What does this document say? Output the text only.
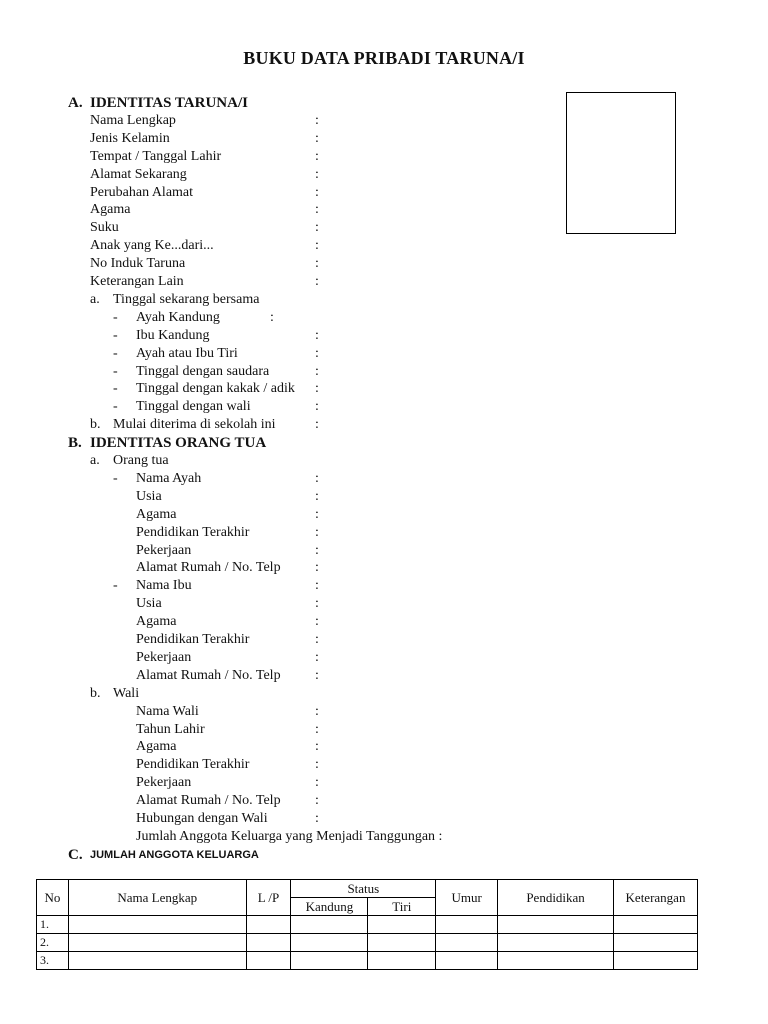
BUKU DATA PRIBADI TARUNA/I
A. IDENTITAS TARUNA/I
Nama Lengkap	:
Jenis Kelamin	:
Tempat / Tanggal Lahir	:
Alamat Sekarang	:
Perubahan Alamat	:
Agama	:
Suku	:
Anak yang Ke...dari...	:
No Induk Taruna	:
Keterangan Lain	:
a. Tinggal sekarang bersama
Ayah Kandung
-	:
Ibu Kandung	:
-
Ayah atau Ibu Tiri	:
-
Tinggal dengan saudara	:
-
Tinggal dengan kakak / adik :
-
Tinggal dengan wali	:
-
b. Mulai diterima di sekolah ini	:
B. IDENTITAS ORANG TUA
a. Orang tua
Nama Ayah	:
-
Usia	:
Agama	:
Pendidikan Terakhir	:
Pekerjaan	:
Alamat Rumah / No. Telp :
Nama Ibu	:
-
Usia	:
Agama	:
Pendidikan Terakhir	:
Pekerjaan	:
Alamat Rumah / No. Telp :
b. Wali
Nama Wali	:
Tahun Lahir	:
Agama	:
Pendidikan Terakhir	:
Pekerjaan	:
Alamat Rumah / No. Telp :
Hubungan dengan Wali	:
Jumlah Anggota Keluarga yang Menjadi Tanggungan :
C. JUMLAH ANGGOTA KELUARGA
No	Nama Lengkap	L /P	Status		Umur	Pendidikan	Keterangan
			Kandung	Tiri			
1.							
2.							
3.							
